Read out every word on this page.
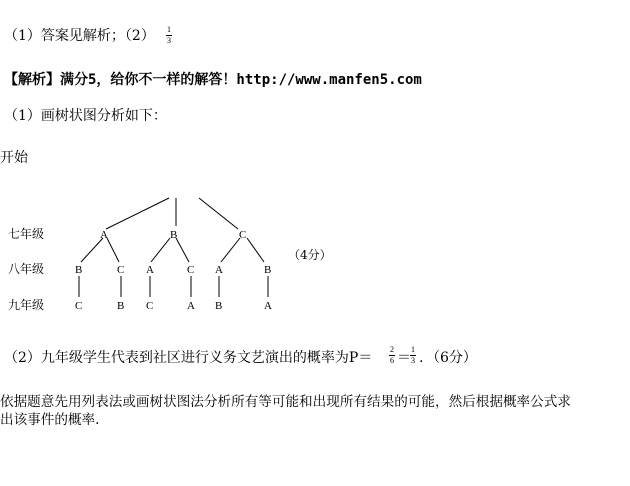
（1）答案见解析；（2） 1
3
【解析】满分5，给你不一样的解答！http://www.manfen5.com
（1）画树状图分析如下：
开始
七年级
八年级
九年级
A	B	C
B	C A	C A	B
C	B C	A B	A
（4分）
（2）九年级学生代表到社区进行义务文艺演出的概率为P＝
2
6 ＝
1
3 . （6分）
依据题意先用列表法或画树状图法分析所有等可能和出现所有结果的可能，然后根据概率公式求
出该事件的概率.
